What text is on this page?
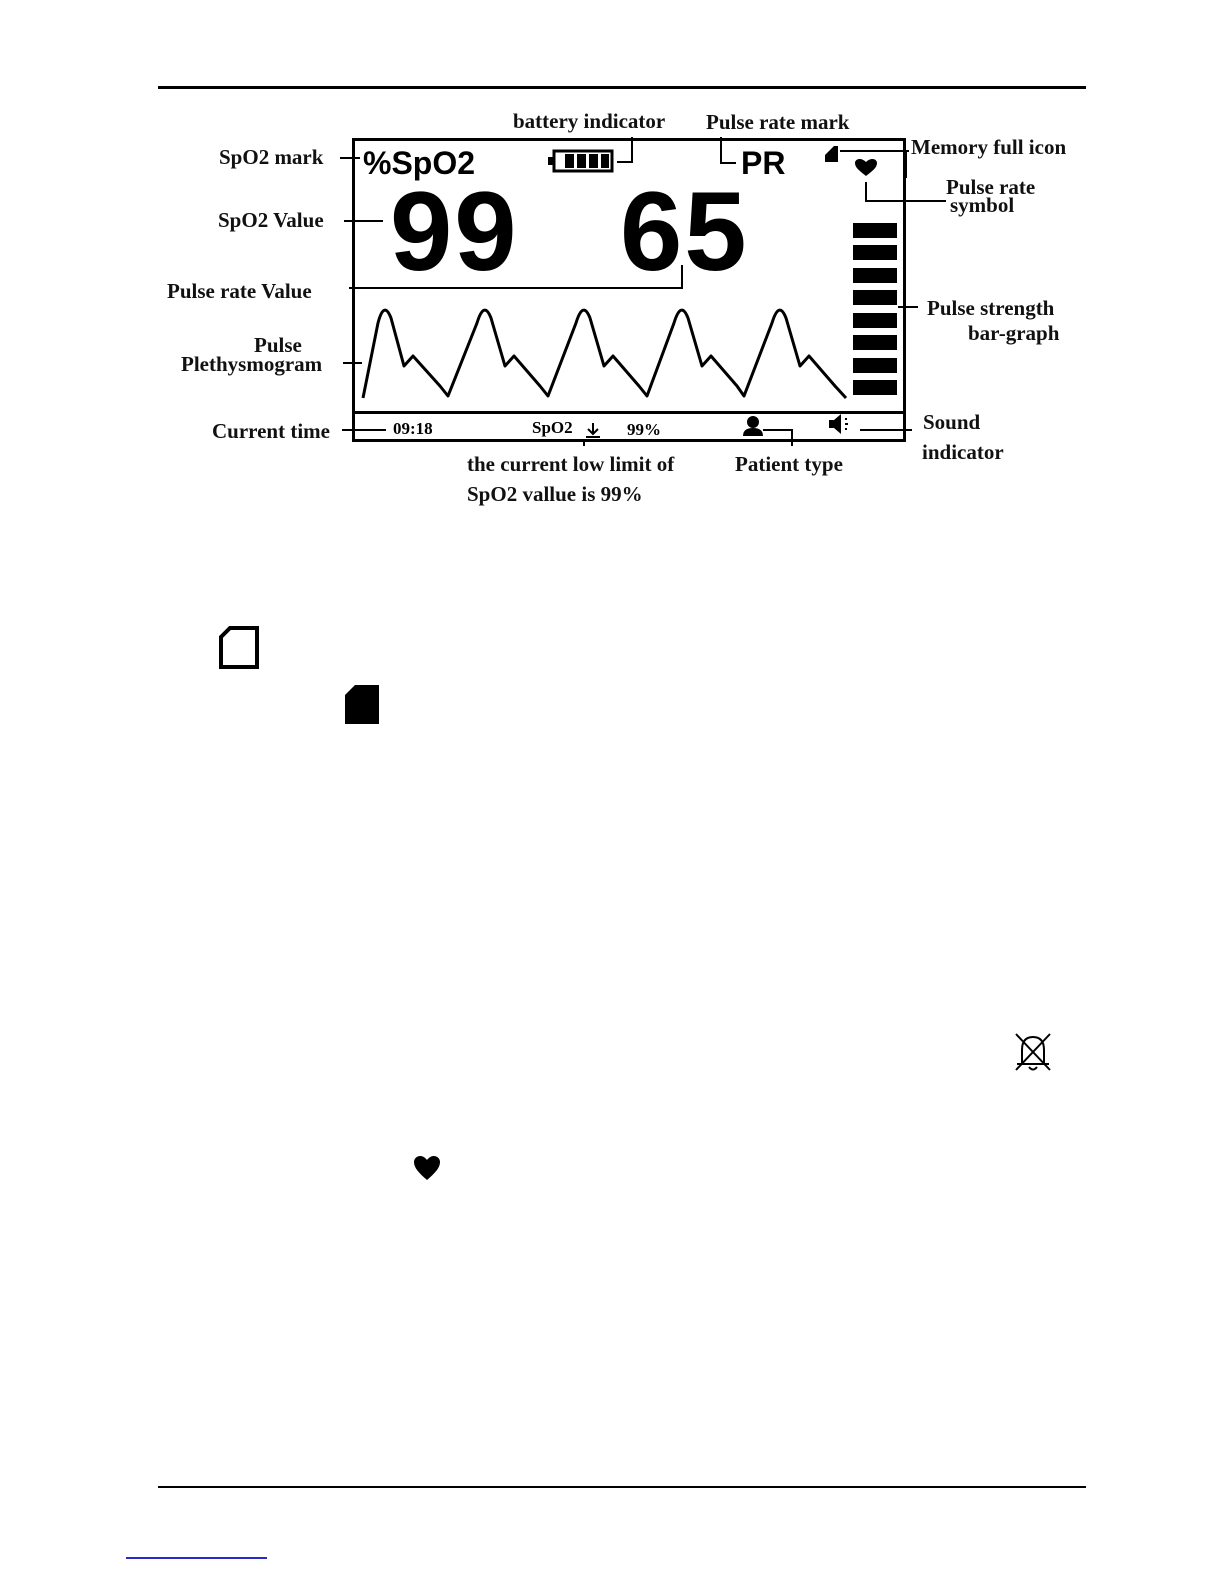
battery indicator Pulse rate mark
Memory full icon
SpO2 mark
Pulse rate
symbol
SpO2 Value
Pulse rate Value
Pulse strength
bar-graph
Pulse
Plethysmogram
Sound
Current time
indicator
the current low limit of	Patient type
SpO2 vallue is 99%
%SpO2	PR
99 65
09:18	SpO2	99%
